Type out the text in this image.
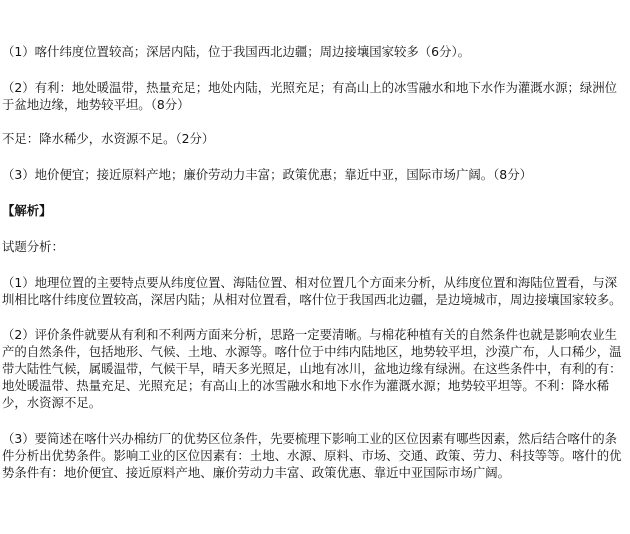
（1）喀什纬度位置较高；深居内陆，位于我国西北边疆；周边接壤国家较多（6分）。
（2）有利：地处暖温带，热量充足；地处内陆，光照充足；有高山上的冰雪融水和地下水作为灌溉水源；绿洲位于盆地边缘，地势较平坦。（8分）
不足：降水稀少，水资源不足。（2分）
（3）地价便宜；接近原料产地；廉价劳动力丰富；政策优惠；靠近中亚，国际市场广阔。（8分）
【解析】
试题分析：
（1）地理位置的主要特点要从纬度位置、海陆位置、相对位置几个方面来分析，从纬度位置和海陆位置看，与深圳相比喀什纬度位置较高，深居内陆；从相对位置看，喀什位于我国西北边疆，是边境城市，周边接壤国家较多。
（2）评价条件就要从有利和不利两方面来分析，思路一定要清晰。与棉花种植有关的自然条件也就是影响农业生产的自然条件，包括地形、气候、土地、水源等。喀什位于中纬内陆地区，地势较平坦，沙漠广布，人口稀少，温带大陆性气候，属暖温带，气候干旱，晴天多光照足，山地有冰川，盆地边缘有绿洲。在这些条件中，有利的有：地处暖温带、热量充足、光照充足；有高山上的冰雪融水和地下水作为灌溉水源；地势较平坦等。不利：降水稀少，水资源不足。
（3）要简述在喀什兴办棉纺厂的优势区位条件，先要梳理下影响工业的区位因素有哪些因素，然后结合喀什的条件分析出优势条件。影响工业的区位因素有：土地、水源、原料、市场、交通、政策、劳力、科技等等。喀什的优势条件有：地价便宜、接近原料产地、廉价劳动力丰富、政策优惠、靠近中亚国际市场广阔。
